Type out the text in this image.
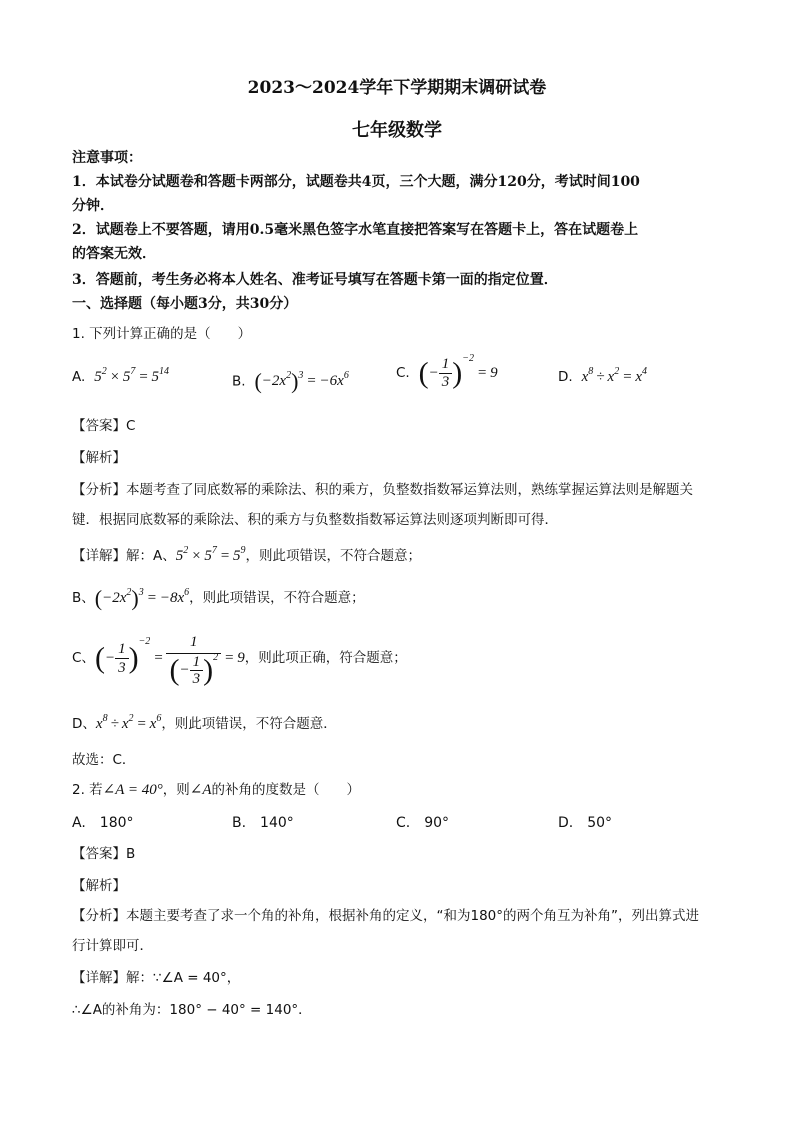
2023～2024学年下学期期末调研试卷
七年级数学
注意事项：
1．本试卷分试题卷和答题卡两部分，试题卷共4页，三个大题，满分120分，考试时间100
分钟．
2．试题卷上不要答题，请用0.5毫米黑色签字水笔直接把答案写在答题卡上，答在试题卷上
的答案无效．
3．答题前，考生务必将本人姓名、准考证号填写在答题卡第一面的指定位置．
一、选择题（每小题3分，共30分）
1. 下列计算正确的是（　　）
A. $5^2 \times 5^7 = 5^{14}$
B. $(-2x^2)^3 = -6x^6$	C. (− $\frac{1}{3} )^{-2} = 9$	D. $x^8 \div x^2 = x^4$
【答案】C
【解析】
【分析】本题考查了同底数幂的乘除法、积的乘方，负整数指数幂运算法则，熟练掌握运算法则是解题关
键．根据同底数幂的乘除法、积的乘方与负整数指数幂运算法则逐项判断即可得．
【详解】解：A、$5^2 \times 5^7 = 5^9$，则此项错误，不符合题意；
B、$(-2x^2)^3 = -8x^6$，则此项错误，不符合题意；
C、(− $\frac{1}{3} )^{-2} = \frac{1}{(- \frac{1}{3} )^2} = 9$，则此项正确，符合题意；
D、$x^8 \div x^2 = x^6$，则此项错误，不符合题意．
故选：C．
2. 若∠A = 40°，则∠A的补角的度数是（　　）
A.　180°	B.　140°	C.　90°	D.　50°
【答案】B
【解析】
【分析】本题主要考查了求一个角的补角，根据补角的定义，“和为180°的两个角互为补角”，列出算式进
行计算即可．
【详解】解：∵∠A = 40°，
∴∠A的补角为：180° − 40° = 140°．
